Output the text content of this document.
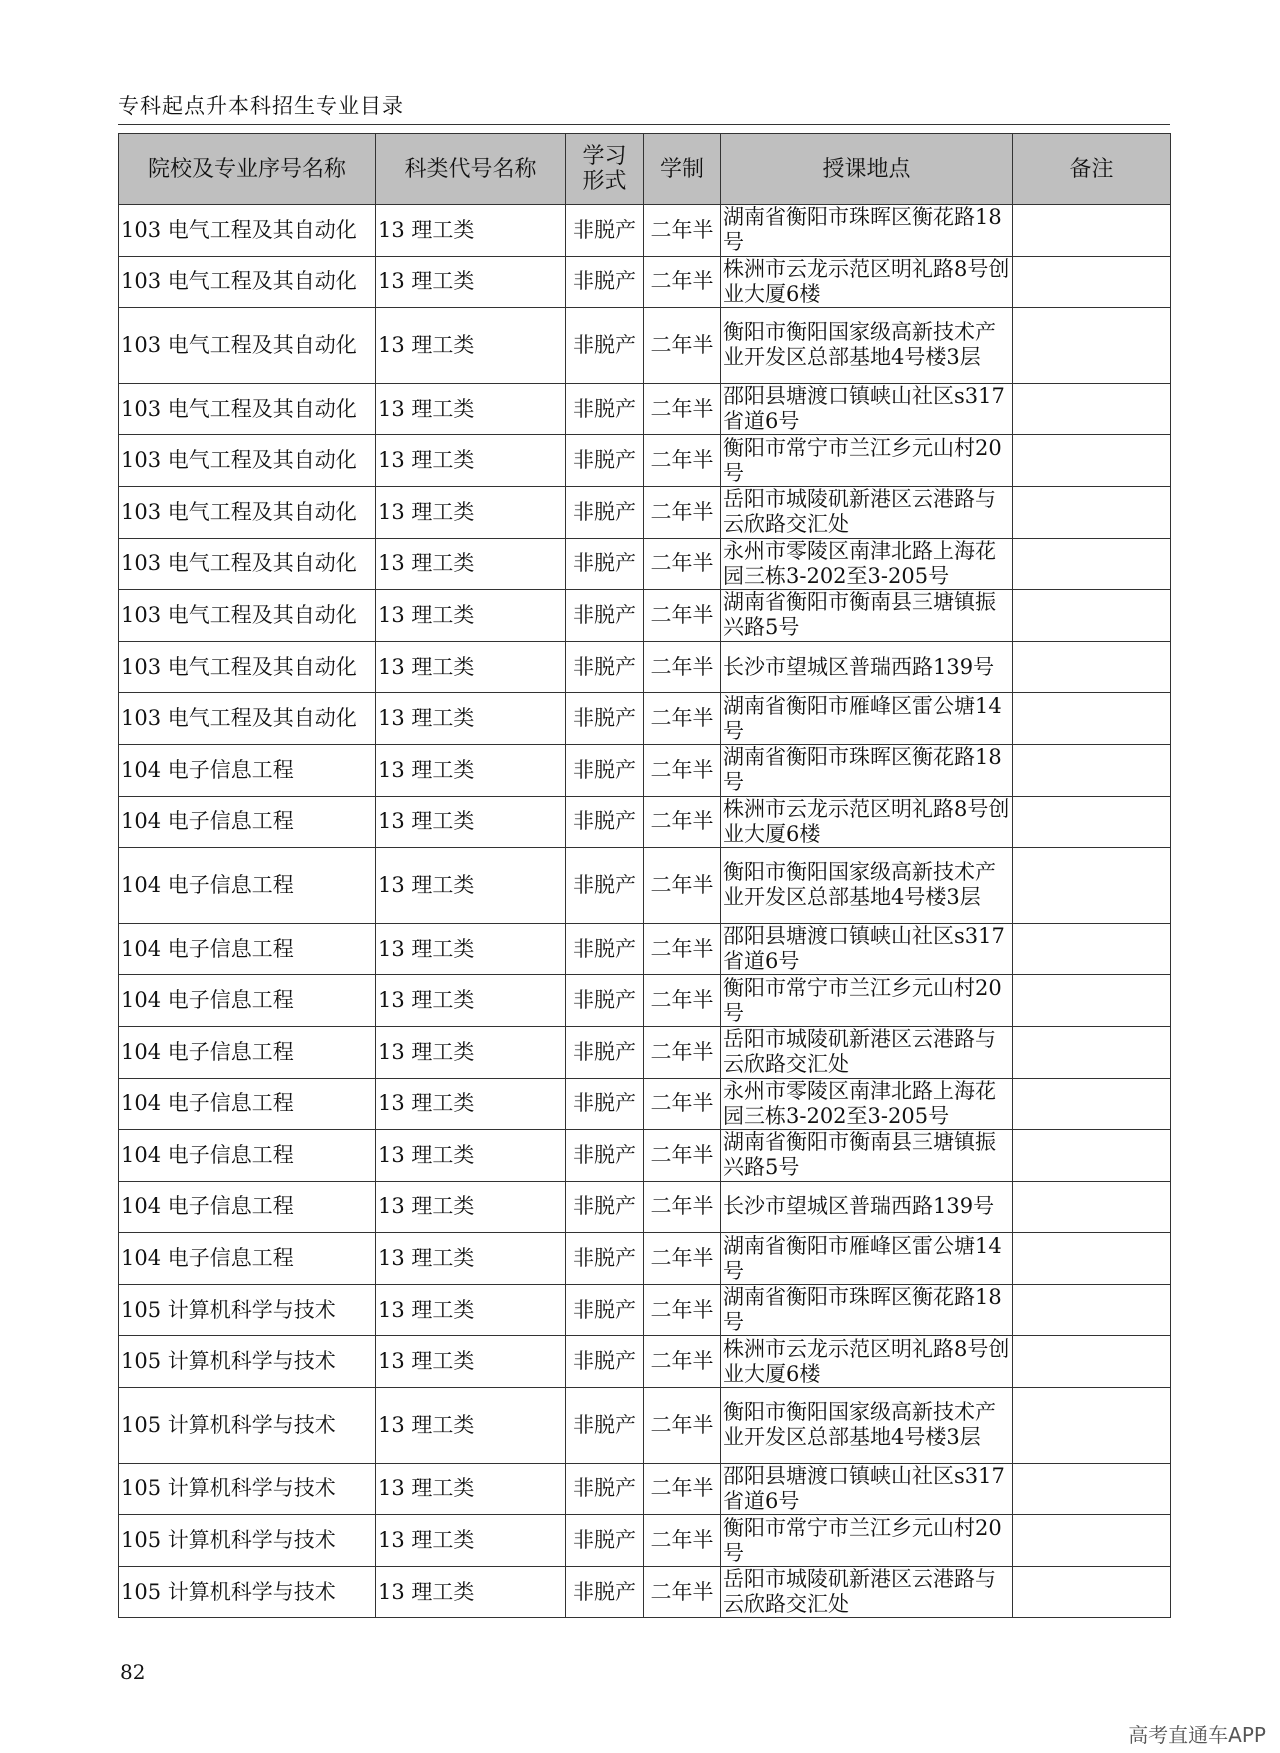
专科起点升本科招生专业目录
院校及专业序号名称	科类代号名称	学习形式	学制	授课地点	备注
103 电气工程及其自动化	13 理工类	非脱产	二年半	湖南省衡阳市珠晖区衡花路18号	
103 电气工程及其自动化	13 理工类	非脱产	二年半	株洲市云龙示范区明礼路8号创业大厦6楼	
103 电气工程及其自动化	13 理工类	非脱产	二年半	衡阳市衡阳国家级高新技术产业开发区总部基地4号楼3层	
103 电气工程及其自动化	13 理工类	非脱产	二年半	邵阳县塘渡口镇峡山社区s317省道6号	
103 电气工程及其自动化	13 理工类	非脱产	二年半	衡阳市常宁市兰江乡元山村20号	
103 电气工程及其自动化	13 理工类	非脱产	二年半	岳阳市城陵矶新港区云港路与云欣路交汇处	
103 电气工程及其自动化	13 理工类	非脱产	二年半	永州市零陵区南津北路上海花园三栋3-202至3-205号	
103 电气工程及其自动化	13 理工类	非脱产	二年半	湖南省衡阳市衡南县三塘镇振兴路5号	
103 电气工程及其自动化	13 理工类	非脱产	二年半	长沙市望城区普瑞西路139号	
103 电气工程及其自动化	13 理工类	非脱产	二年半	湖南省衡阳市雁峰区雷公塘14号	
104 电子信息工程	13 理工类	非脱产	二年半	湖南省衡阳市珠晖区衡花路18号	
104 电子信息工程	13 理工类	非脱产	二年半	株洲市云龙示范区明礼路8号创业大厦6楼	
104 电子信息工程	13 理工类	非脱产	二年半	衡阳市衡阳国家级高新技术产业开发区总部基地4号楼3层	
104 电子信息工程	13 理工类	非脱产	二年半	邵阳县塘渡口镇峡山社区s317省道6号	
104 电子信息工程	13 理工类	非脱产	二年半	衡阳市常宁市兰江乡元山村20号	
104 电子信息工程	13 理工类	非脱产	二年半	岳阳市城陵矶新港区云港路与云欣路交汇处	
104 电子信息工程	13 理工类	非脱产	二年半	永州市零陵区南津北路上海花园三栋3-202至3-205号	
104 电子信息工程	13 理工类	非脱产	二年半	湖南省衡阳市衡南县三塘镇振兴路5号	
104 电子信息工程	13 理工类	非脱产	二年半	长沙市望城区普瑞西路139号	
104 电子信息工程	13 理工类	非脱产	二年半	湖南省衡阳市雁峰区雷公塘14号	
105 计算机科学与技术	13 理工类	非脱产	二年半	湖南省衡阳市珠晖区衡花路18号	
105 计算机科学与技术	13 理工类	非脱产	二年半	株洲市云龙示范区明礼路8号创业大厦6楼	
105 计算机科学与技术	13 理工类	非脱产	二年半	衡阳市衡阳国家级高新技术产业开发区总部基地4号楼3层	
105 计算机科学与技术	13 理工类	非脱产	二年半	邵阳县塘渡口镇峡山社区s317省道6号	
105 计算机科学与技术	13 理工类	非脱产	二年半	衡阳市常宁市兰江乡元山村20号	
105 计算机科学与技术	13 理工类	非脱产	二年半	岳阳市城陵矶新港区云港路与云欣路交汇处	
82
高考直通车APP
